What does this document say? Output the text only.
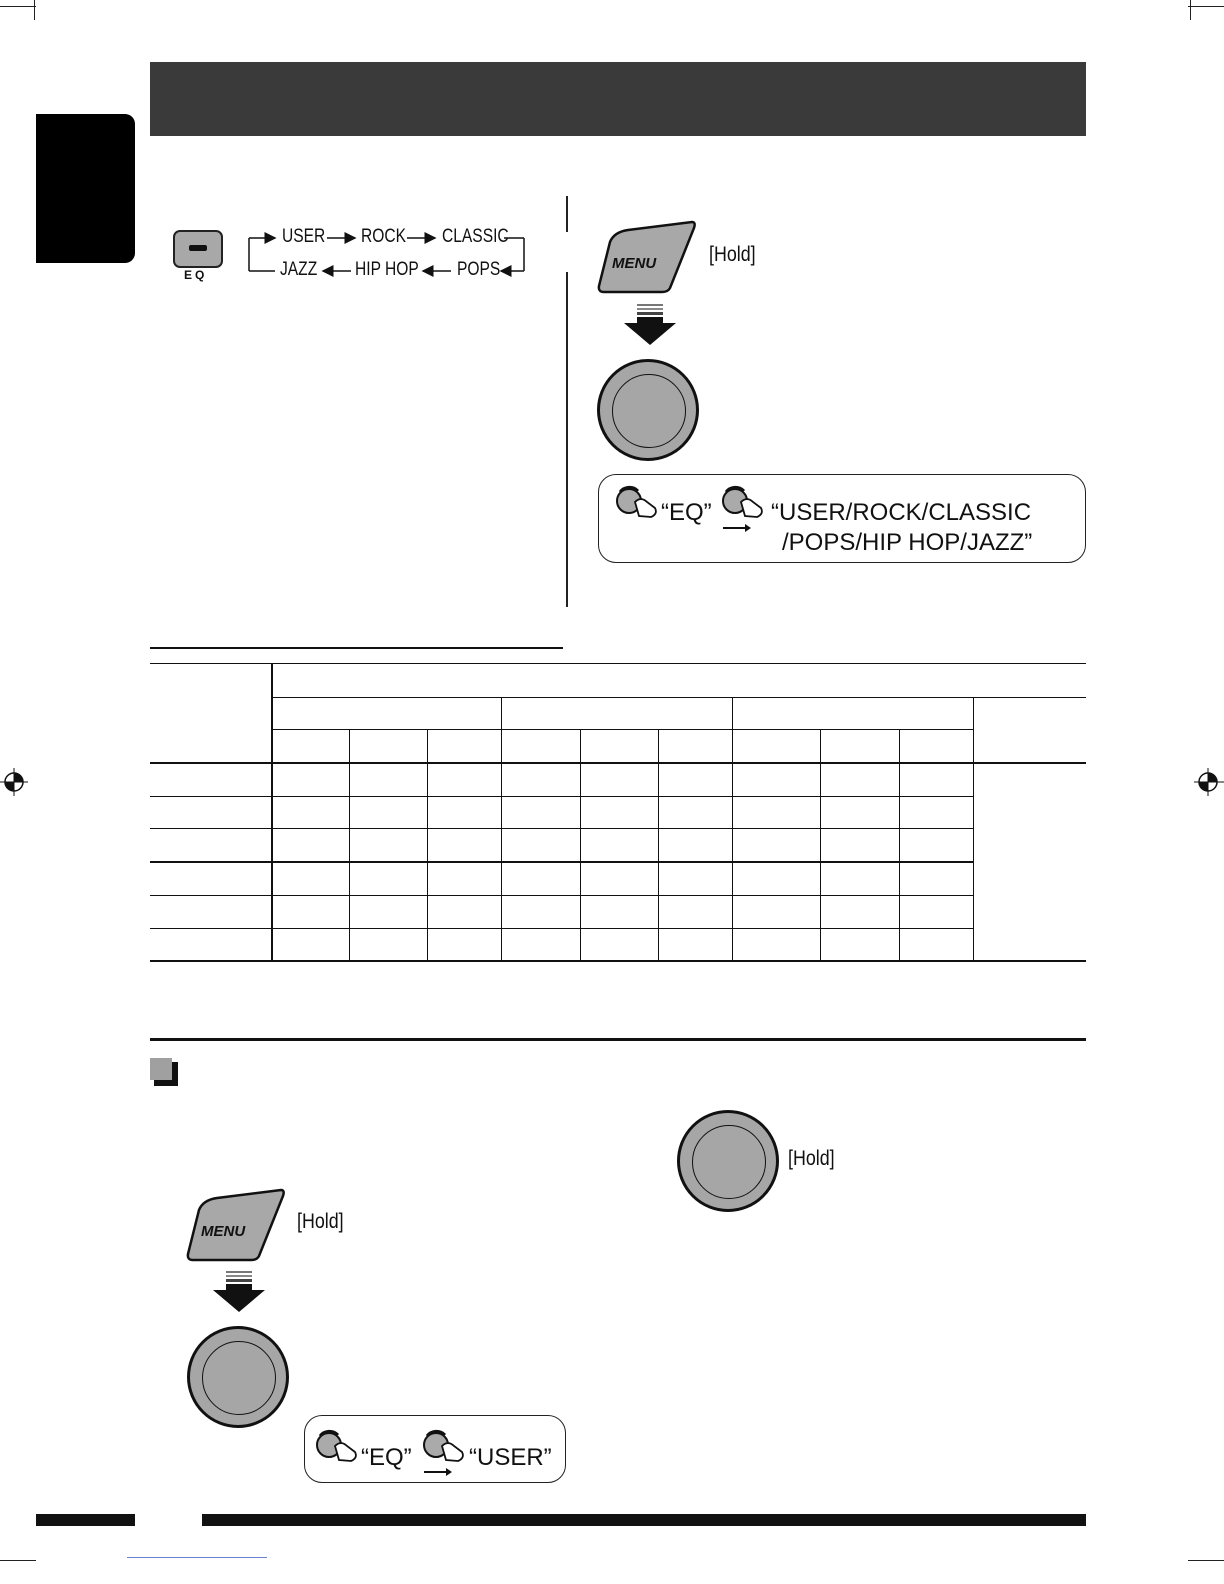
EQ
USER ROCK CLASSIC
JAZZ HIP HOP POPS	MENU	[Hold]
“EQ” “USER/ROCK/CLASSIC
/POPS/HIP HOP/JAZZ”
[Hold]
MENU [Hold]
“EQ” “USER”
